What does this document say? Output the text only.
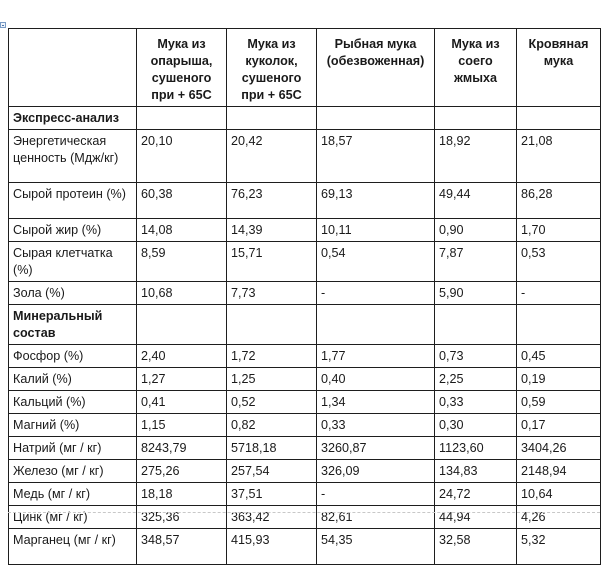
	Мука из опарыша, сушеного при + 65С	Мука из куколок, сушеного при + 65С	Рыбная мука (обезвоженная)	Мука из соего жмыха	Кровяная мука
Экспресс-анализ					
Энергетическая ценность (Мдж/кг)	20,10	20,42	18,57	18,92	21,08
Сырой протеин (%)	60,38	76,23	69,13	49,44	86,28
Сырой жир (%)	14,08	14,39	10,11	0,90	1,70
Сырая клетчатка (%)	8,59	15,71	0,54	7,87	0,53
Зола (%)	10,68	7,73	-	5,90	-
Минеральный состав					
Фосфор (%)	2,40	1,72	1,77	0,73	0,45
Калий (%)	1,27	1,25	0,40	2,25	0,19
Кальций (%)	0,41	0,52	1,34	0,33	0,59
Магний (%)	1,15	0,82	0,33	0,30	0,17
Натрий (мг / кг)	8243,79	5718,18	3260,87	1123,60	3404,26
Железо (мг / кг)	275,26	257,54	326,09	134,83	2148,94
Медь (мг / кг)	18,18	37,51	-	24,72	10,64
Цинк (мг / кг)	325,36	363,42	82,61	44,94	4,26
Марганец (мг / кг)	348,57	415,93	54,35	32,58	5,32
